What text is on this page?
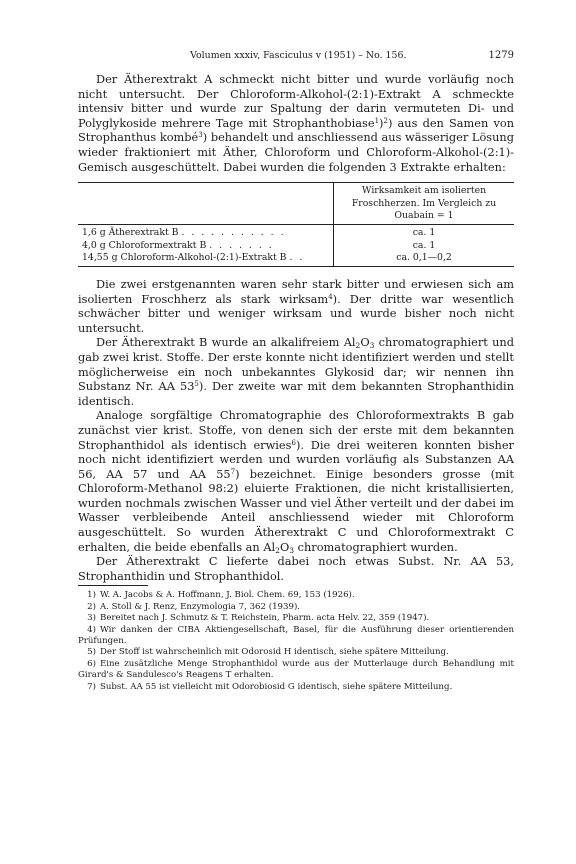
Volumen xxxiv, Fasciculus v (1951) – No. 156.	1279

Der Ätherextrakt A schmeckt nicht bitter und wurde vorläufig noch nicht untersucht. Der Chloroform-Alkohol-(2:1)-Extrakt A schmeckte intensiv bitter und wurde zur Spaltung der darin vermuteten Di- und Polyglykoside mehrere Tage mit Strophanthobiase$^1$)$^2$) aus den Samen von Strophanthus kombé$^3$) behandelt und anschliessend aus wässeriger Lösung wieder fraktioniert mit Äther, Chloroform und Chloroform-Alkohol-(2:1)-Gemisch ausgeschüttelt. Dabei wurden die folgenden 3 Extrakte erhalten:

	Wirksamkeit am isolierten Froschherzen. Im Vergleich zu Ouabain = 1
1,6 g Ätherextrakt B . . . . . . . . . . .	ca. 1
4,0 g Chloroformextrakt B . . . . . . .	ca. 1
14,55 g Chloroform-Alkohol-(2:1)-Extrakt B . .	ca. 0,1—0,2

Die zwei erstgenannten waren sehr stark bitter und erwiesen sich am isolierten Froschherz als stark wirksam$^4$). Der dritte war wesentlich schwächer bitter und weniger wirksam und wurde bisher noch nicht untersucht.

Der Ätherextrakt B wurde an alkalifreiem $Al_2O_3$ chromatographiert und gab zwei krist. Stoffe. Der erste konnte nicht identifiziert werden und stellt möglicherweise ein noch unbekanntes Glykosid dar; wir nennen ihn Substanz Nr. AA $53^5$). Der zweite war mit dem bekannten Strophanthidin identisch.

Analoge sorgfältige Chromatographie des Chloroformextrakts B gab zunächst vier krist. Stoffe, von denen sich der erste mit dem bekannten Strophanthidol als identisch erwies$^6$). Die drei weiteren konnten bisher noch nicht identifiziert werden und wurden vorläufig als Substanzen AA 56, AA 57 und AA $55^7$) bezeichnet. Einige besonders grosse (mit Chloroform-Methanol 98:2) eluierte Fraktionen, die nicht kristallisierten, wurden nochmals zwischen Wasser und viel Äther verteilt und der dabei im Wasser verbleibende Anteil anschliessend wieder mit Chloroform ausgeschüttelt. So wurden Ätherextrakt C und Chloroformextrakt C erhalten, die beide ebenfalls an $Al_2O_3$ chromatographiert wurden.

Der Ätherextrakt C lieferte dabei noch etwas Subst. Nr. AA 53, Strophanthidin und Strophanthidol.

1) W. A. Jacobs & A. Hoffmann, J. Biol. Chem. 69, 153 (1926).
2) A. Stoll & J. Renz, Enzymologia 7, 362 (1939).
3) Bereitet nach J. Schmutz & T. Reichstein, Pharm. acta Helv. 22, 359 (1947).
4) Wir danken der CIBA Aktiengesellschaft, Basel, für die Ausführung dieser orientierenden Prüfungen.
5) Der Stoff ist wahrscheinlich mit Odorosid H identisch, siehe spätere Mitteilung.
6) Eine zusätzliche Menge Strophanthidol wurde aus der Mutterlauge durch Behandlung mit Girard's & Sandulesco's Reagens T erhalten.
7) Subst. AA 55 ist vielleicht mit Odorobiosid G identisch, siehe spätere Mitteilung.
